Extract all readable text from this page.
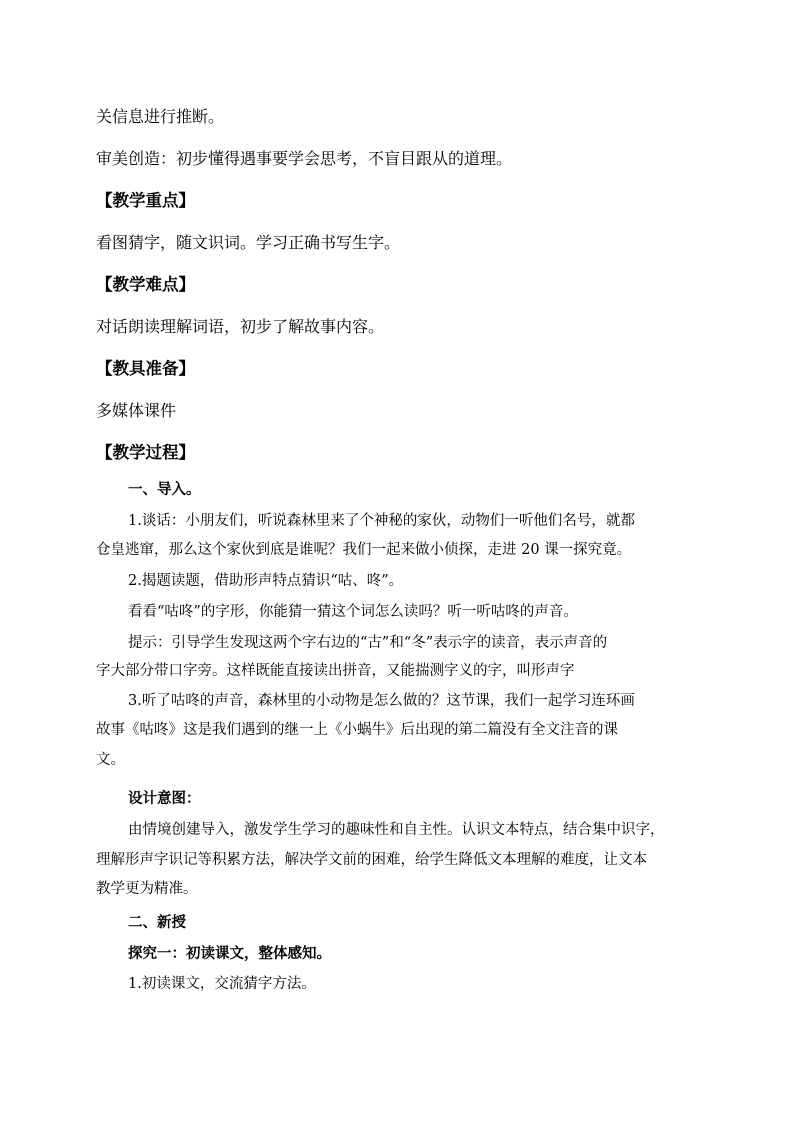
关信息进行推断。
审美创造：初步懂得遇事要学会思考，不盲目跟从的道理。
【教学重点】
看图猜字，随文识词。学习正确书写生字。
【教学难点】
对话朗读理解词语，初步了解故事内容。
【教具准备】
多媒体课件
【教学过程】
一、导入。
1.谈话：小朋友们，听说森林里来了个神秘的家伙，动物们一听他们名号，就都
仓皇逃窜，那么这个家伙到底是谁呢？我们一起来做小侦探，走进 20 课一探究竟。
2.揭题读题，借助形声特点猜识“咕、咚”。
看看“咕咚”的字形，你能猜一猜这个词怎么读吗？听一听咕咚的声音。
提示：引导学生发现这两个字右边的“古”和“冬”表示字的读音，表示声音的
字大部分带口字旁。这样既能直接读出拼音，又能揣测字义的字，叫形声字
3.听了咕咚的声音，森林里的小动物是怎么做的？这节课，我们一起学习连环画
故事《咕咚》这是我们遇到的继一上《小蜗牛》后出现的第二篇没有全文注音的课
文。
设计意图：
由情境创建导入，激发学生学习的趣味性和自主性。认识文本特点，结合集中识字，
理解形声字识记等积累方法，解决学文前的困难，给学生降低文本理解的难度，让文本
教学更为精准。
二、新授
探究一：初读课文，整体感知。
1.初读课文，交流猜字方法。
